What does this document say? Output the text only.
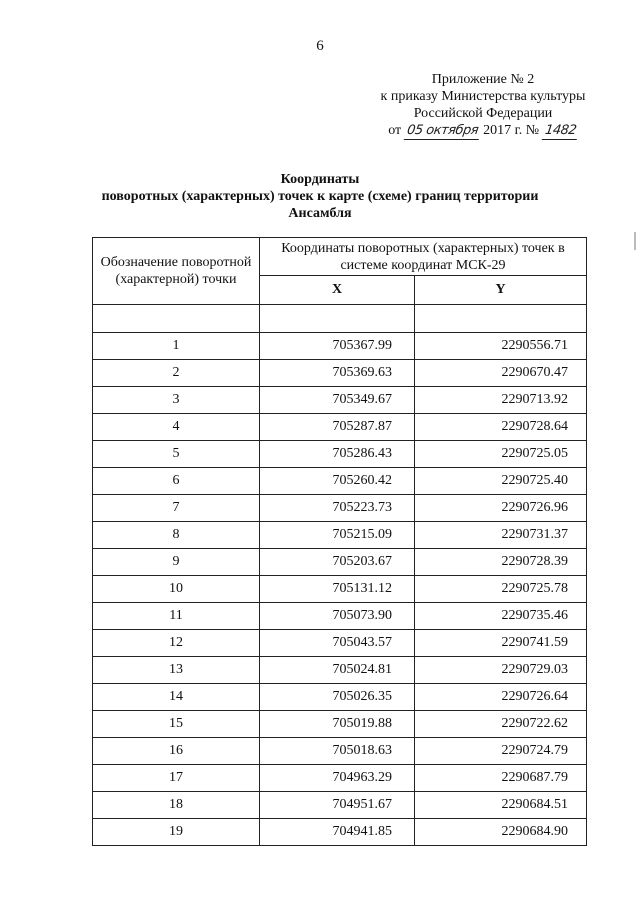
6
Приложение № 2
к приказу Министерства культуры
Российской Федерации
от 05 октября 2017 г. № 1482
Координаты
поворотных (характерных) точек к карте (схеме) границ территории
Ансамбля
Обозначение поворотной (характерной) точки	Координаты поворотных (характерных) точек в системе координат МСК-29	
	X	Y

1	705367.99	2290556.71
2	705369.63	2290670.47
3	705349.67	2290713.92
4	705287.87	2290728.64
5	705286.43	2290725.05
6	705260.42	2290725.40
7	705223.73	2290726.96
8	705215.09	2290731.37
9	705203.67	2290728.39
10	705131.12	2290725.78
11	705073.90	2290735.46
12	705043.57	2290741.59
13	705024.81	2290729.03
14	705026.35	2290726.64
15	705019.88	2290722.62
16	705018.63	2290724.79
17	704963.29	2290687.79
18	704951.67	2290684.51
19	704941.85	2290684.90
